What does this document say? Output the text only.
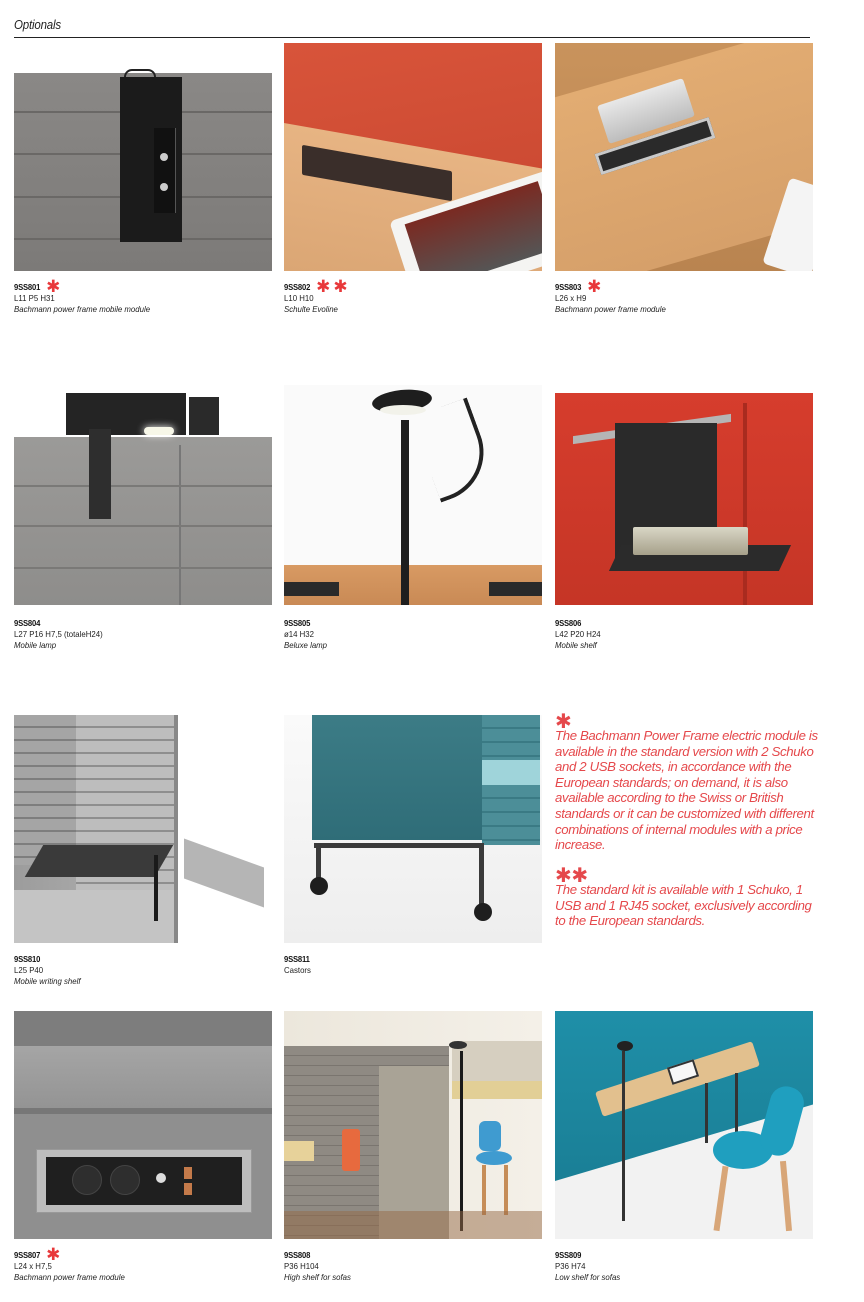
Optionals
9SS801 ✱
L11 P5 H31
Bachmann power frame mobile module
9SS802 ✱ ✱
L10 H10
Schulte Evoline
9SS803 ✱
L26 x H9
Bachmann power frame module
9SS804
L27 P16 H7,5 (totaleH24)
Mobile lamp
9SS805
ø14 H32
Beluxe lamp
9SS806
L42 P20 H24
Mobile shelf
9SS810
L25 P40
Mobile writing shelf
9SS811
Castors
✱
The Bachmann Power Frame electric module is available in the standard version with 2 Schuko and 2 USB sockets, in accordance with the European standards; on demand, it is also available according to the Swiss or British standards or it can be customized with different combinations of internal modules with a price increase.
✱✱
The standard kit is available with 1 Schuko, 1 USB and 1 RJ45 socket, exclusively according to the European standards.
9SS807 ✱
L24 x H7,5
Bachmann power frame module
9SS808
P36 H104
High shelf for sofas
9SS809
P36 H74
Low shelf for sofas
